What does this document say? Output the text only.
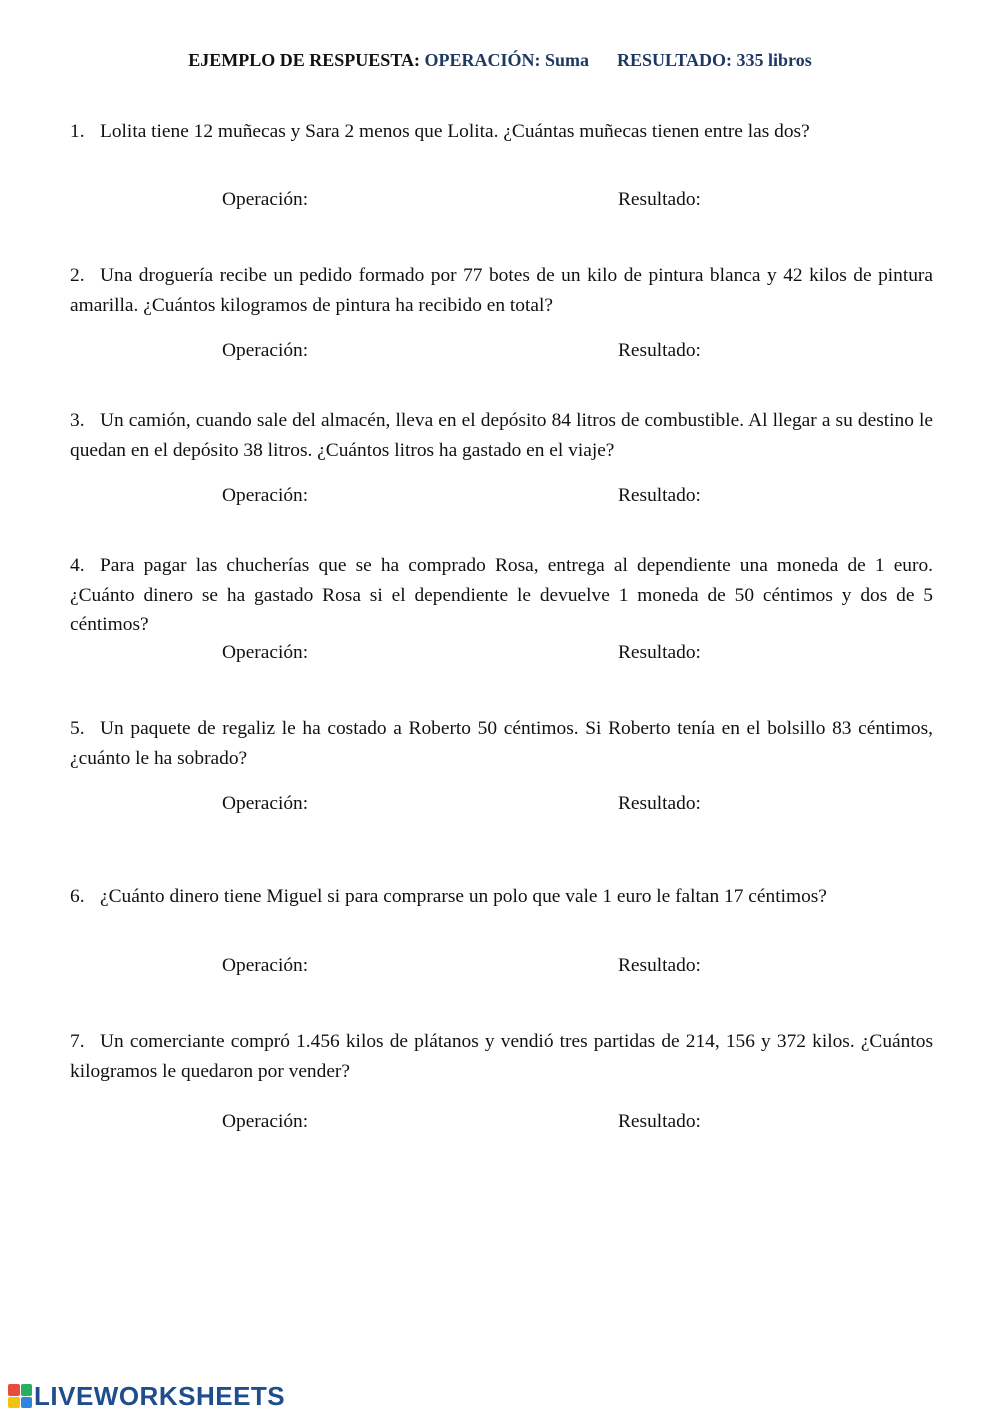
EJEMPLO DE RESPUESTA: OPERACIÓN: Suma RESULTADO: 335 libros

1. Lolita tiene 12 muñecas y Sara 2 menos que Lolita. ¿Cuántas muñecas tienen entre las dos?

Operación:	Resultado:

2. Una droguería recibe un pedido formado por 77 botes de un kilo de pintura blanca y 42 kilos de pintura amarilla. ¿Cuántos kilogramos de pintura ha recibido en total?

Operación:	Resultado:

3. Un camión, cuando sale del almacén, lleva en el depósito 84 litros de combustible. Al llegar a su destino le quedan en el depósito 38 litros. ¿Cuántos litros ha gastado en el viaje?

Operación:	Resultado:

4. Para pagar las chucherías que se ha comprado Rosa, entrega al dependiente una moneda de 1 euro. ¿Cuánto dinero se ha gastado Rosa si el dependiente le devuelve 1 moneda de 50 céntimos y dos de 5 céntimos?

Operación:	Resultado:

5. Un paquete de regaliz le ha costado a Roberto 50 céntimos. Si Roberto tenía en el bolsillo 83 céntimos, ¿cuánto le ha sobrado?

Operación:	Resultado:

6. ¿Cuánto dinero tiene Miguel si para comprarse un polo que vale 1 euro le faltan 17 céntimos?

Operación:	Resultado:

7. Un comerciante compró 1.456 kilos de plátanos y vendió tres partidas de 214, 156 y 372 kilos. ¿Cuántos kilogramos le quedaron por vender?

Operación:	Resultado:
LIVEWORKSHEETS
